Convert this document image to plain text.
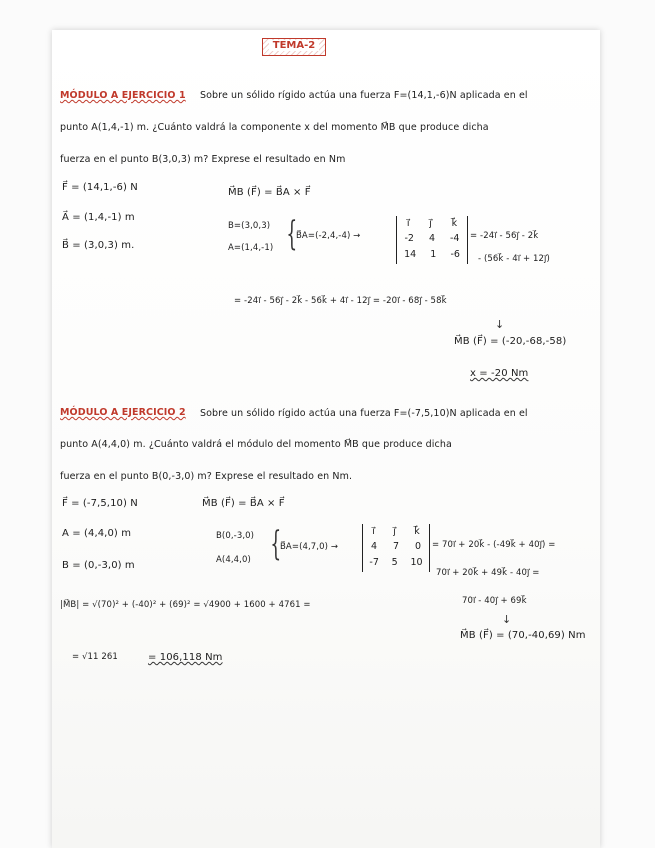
TEMA-2
MÓDULO A EJERCICIO 1 Sobre un sólido rígido actúa una fuerza F=(14,1,-6)N aplicada en el
punto A(1,4,-1) m. ¿Cuánto valdrá la componente x del momento M⃗B que produce dicha
fuerza en el punto B(3,0,3) m? Exprese el resultado en Nm
F⃗ = (14,1,-6) N
A⃗ = (1,4,-1) m
B⃗ = (3,0,3) m.
M⃗B (F⃗) = B⃗A × F⃗
B=(3,0,3)
A=(1,4,-1) {
B⃗A=(-2,4,-4) →
i⃗ j⃗ k⃗
-2 4 -4
14 1 -6
= -24i⃗ - 56j⃗ - 2k⃗
- (56k⃗ - 4i⃗ + 12j⃗)
= -24i⃗ - 56j⃗ - 2k⃗ - 56k⃗ + 4i⃗ - 12j⃗ = -20i⃗ - 68j⃗ - 58k⃗
↓
M⃗B (F⃗) = (-20,-68,-58)
x = -20 Nm
MÓDULO A EJERCICIO 2 Sobre un sólido rígido actúa una fuerza F=(-7,5,10)N aplicada en el
punto A(4,4,0) m. ¿Cuánto valdrá el módulo del momento M⃗B que produce dicha
fuerza en el punto B(0,-3,0) m? Exprese el resultado en Nm.
F⃗ = (-7,5,10) N
A = (4,4,0) m
B = (0,-3,0) m
M⃗B (F⃗) = B⃗A × F⃗
B(0,-3,0)
A(4,4,0) {
B⃗A=(4,7,0) →
i⃗ j⃗ k⃗
4 7 0
-7 5 10
= 70i⃗ + 20k⃗ - (-49k⃗ + 40j⃗) =
70i⃗ + 20k⃗ + 49k⃗ - 40j⃗ =
70i⃗ - 40j⃗ + 69k⃗
↓
M⃗B (F⃗) = (70,-40,69) Nm
|M⃗B| = √(70)² + (-40)² + (69)² = √4900 + 1600 + 4761 =
= √11 261	= 106,118 Nm
